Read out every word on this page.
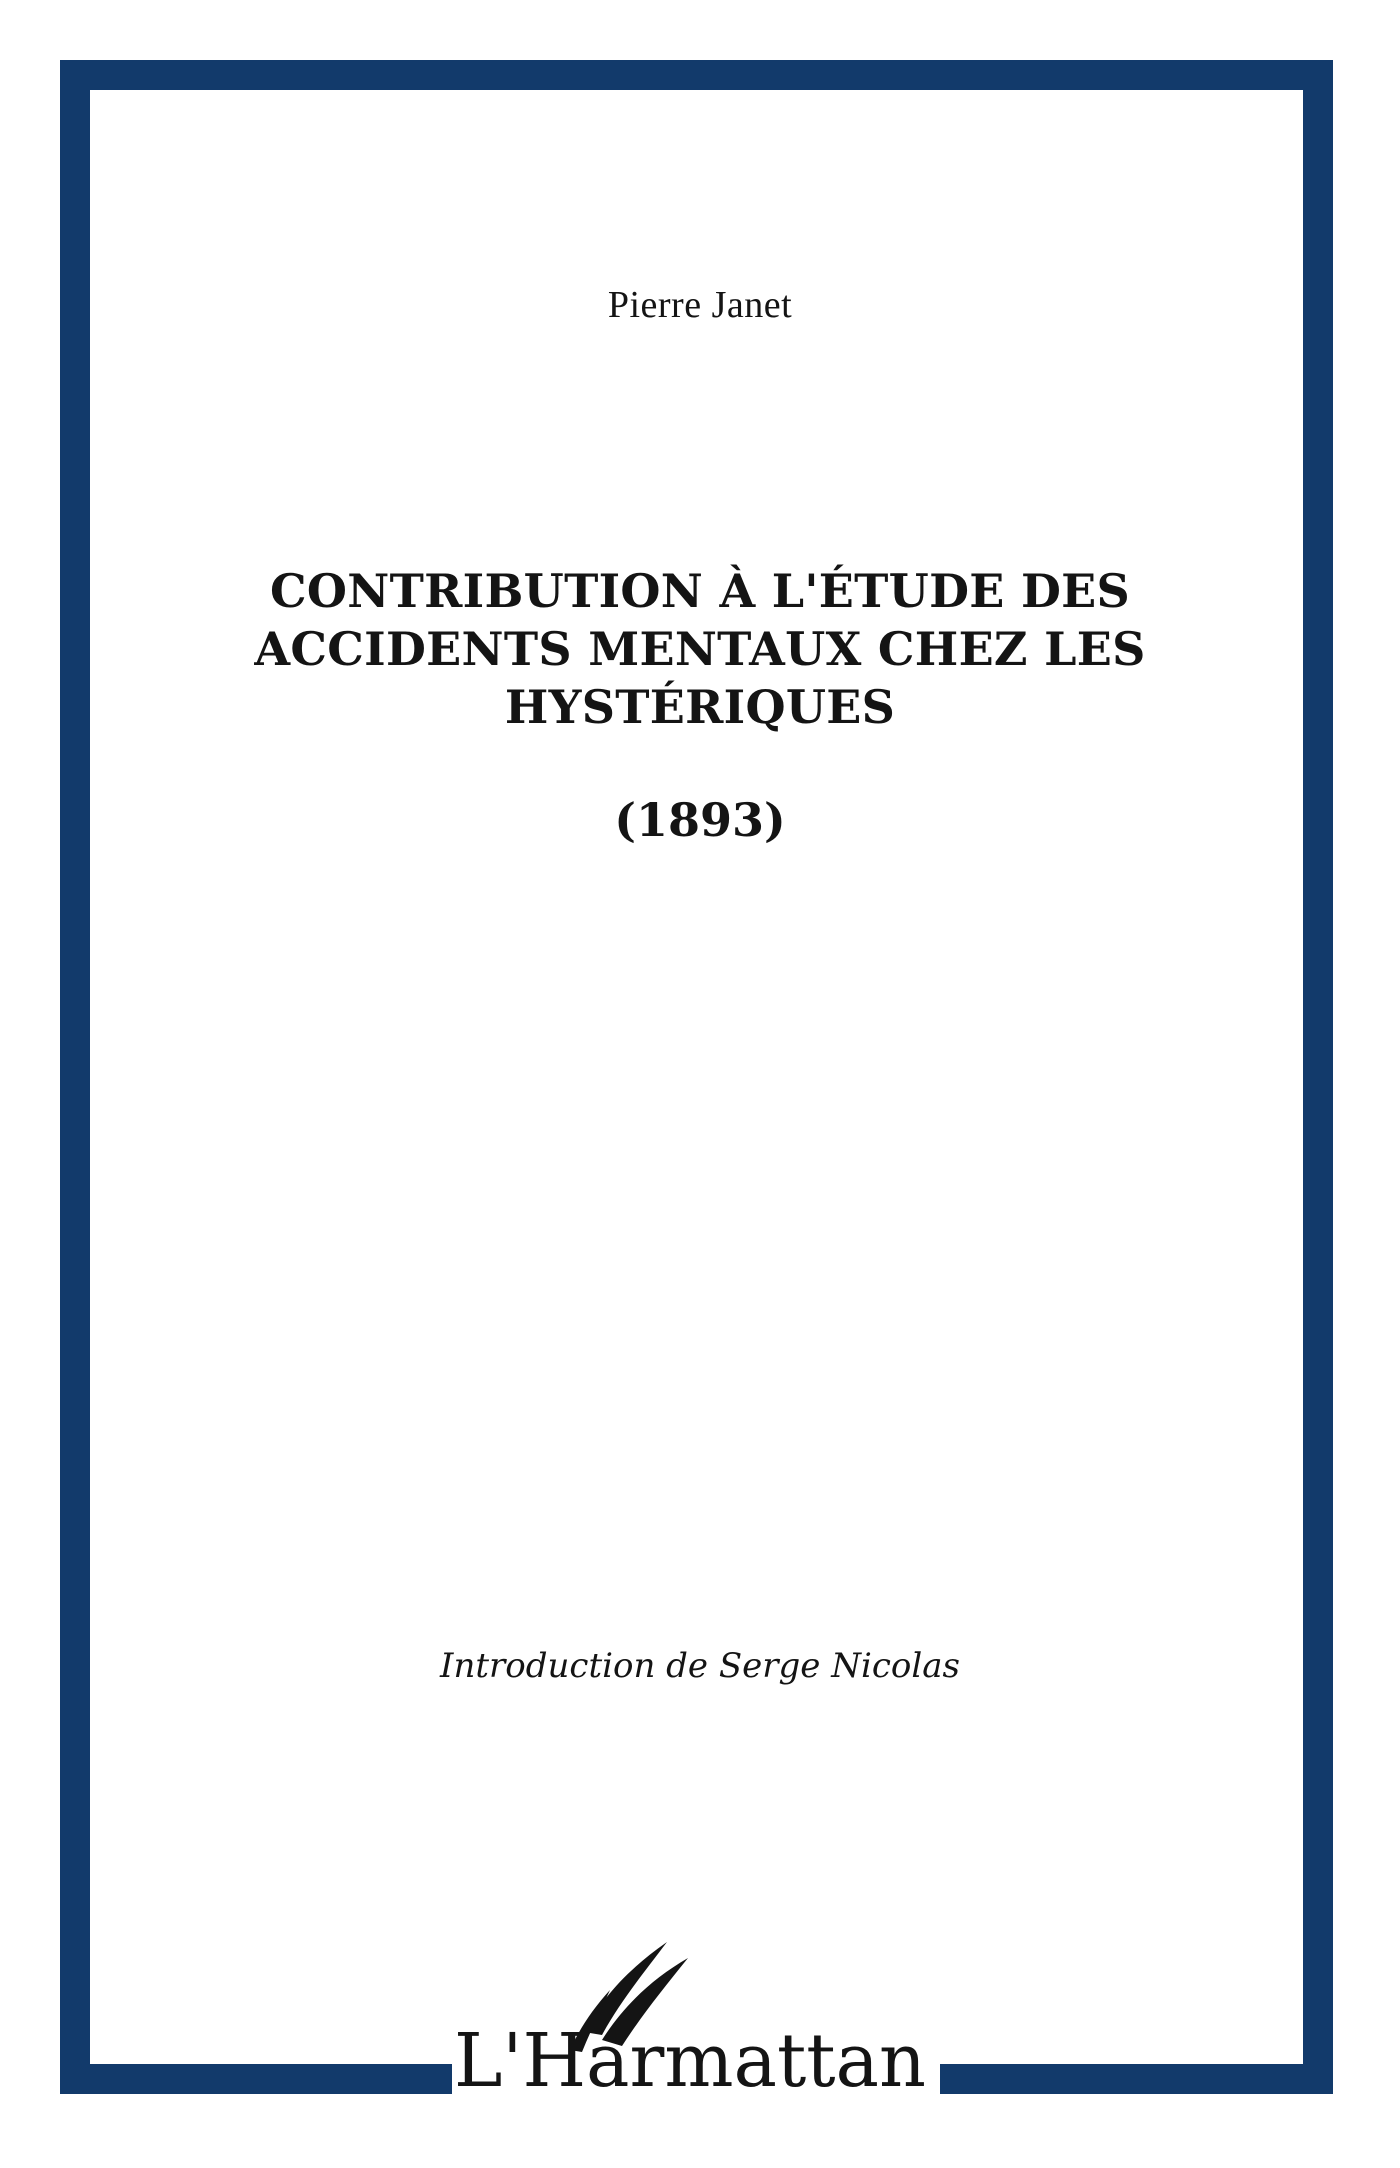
Pierre Janet
CONTRIBUTION À L'ÉTUDE DES
ACCIDENTS MENTAUX CHEZ LES
HYSTÉRIQUES
(1893)
Introduction de Serge Nicolas
L'Harmattan
